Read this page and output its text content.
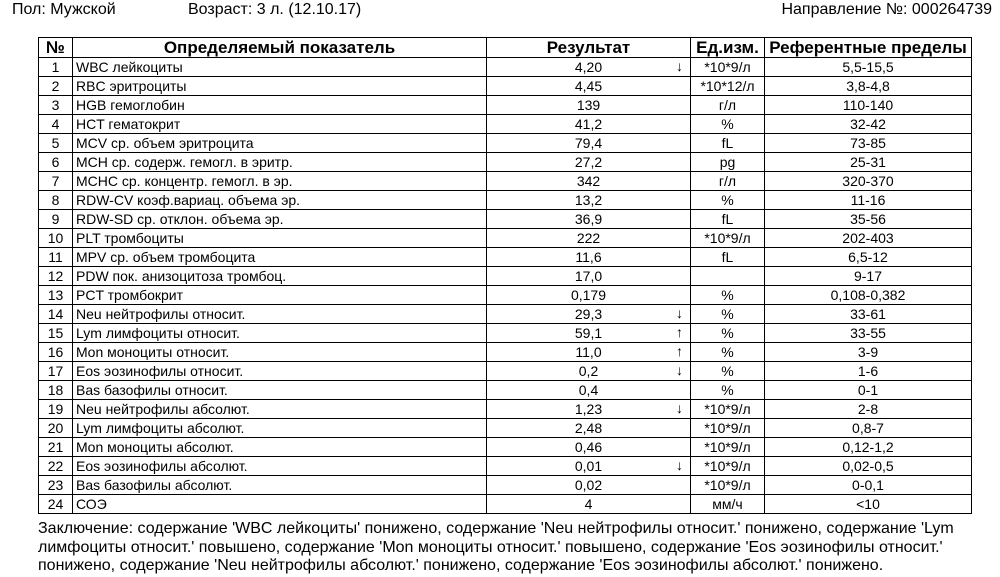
Пол: Мужской	Возраст: 3 л. (12.10.17)	Направление №: 000264739
№	Определяемый показатель	Результат	Ед.изм.	Референтные пределы
1	WBC лейкоциты	4,20 ↓	*10*9/л	5,5-15,5
2	RBC эритроциты	4,45	*10*12/л	3,8-4,8
3	HGB гемоглобин	139	г/л	110-140
4	HCT гематокрит	41,2	%	32-42
5	MCV ср. объем эритроцита	79,4	fL	73-85
6	MCH ср. содерж. гемогл. в эритр.	27,2	pg	25-31
7	MCHC ср. концентр. гемогл. в эр.	342	г/л	320-370
8	RDW-CV коэф.вариац. объема эр.	13,2	%	11-16
9	RDW-SD ср. отклон. объема эр.	36,9	fL	35-56
10	PLT тромбоциты	222	*10*9/л	202-403
11	MPV ср. объем тромбоцита	11,6	fL	6,5-12
12	PDW пок. анизоцитоза тромбоц.	17,0		9-17
13	PCT тромбокрит	0,179	%	0,108-0,382
14	Neu нейтрофилы относит.	29,3 ↓	%	33-61
15	Lym лимфоциты относит.	59,1 ↑	%	33-55
16	Mon моноциты относит.	11,0 ↑	%	3-9
17	Eos эозинофилы относит.	0,2 ↓	%	1-6
18	Bas базофилы относит.	0,4	%	0-1
19	Neu нейтрофилы абсолют.	1,23 ↓	*10*9/л	2-8
20	Lym лимфоциты абсолют.	2,48	*10*9/л	0,8-7
21	Mon моноциты абсолют.	0,46	*10*9/л	0,12-1,2
22	Eos эозинофилы абсолют.	0,01 ↓	*10*9/л	0,02-0,5
23	Bas базофилы абсолют.	0,02	*10*9/л	0-0,1
24	СОЭ	4	мм/ч	<10
Заключение: содержание 'WBC лейкоциты' понижено, содержание 'Neu нейтрофилы относит.' понижено, содержание 'Lym
лимфоциты относит.' повышено, содержание 'Mon моноциты относит.' повышено, содержание 'Eos эозинофилы относит.'
понижено, содержание 'Neu нейтрофилы абсолют.' понижено, содержание 'Eos эозинофилы абсолют.' понижено.
